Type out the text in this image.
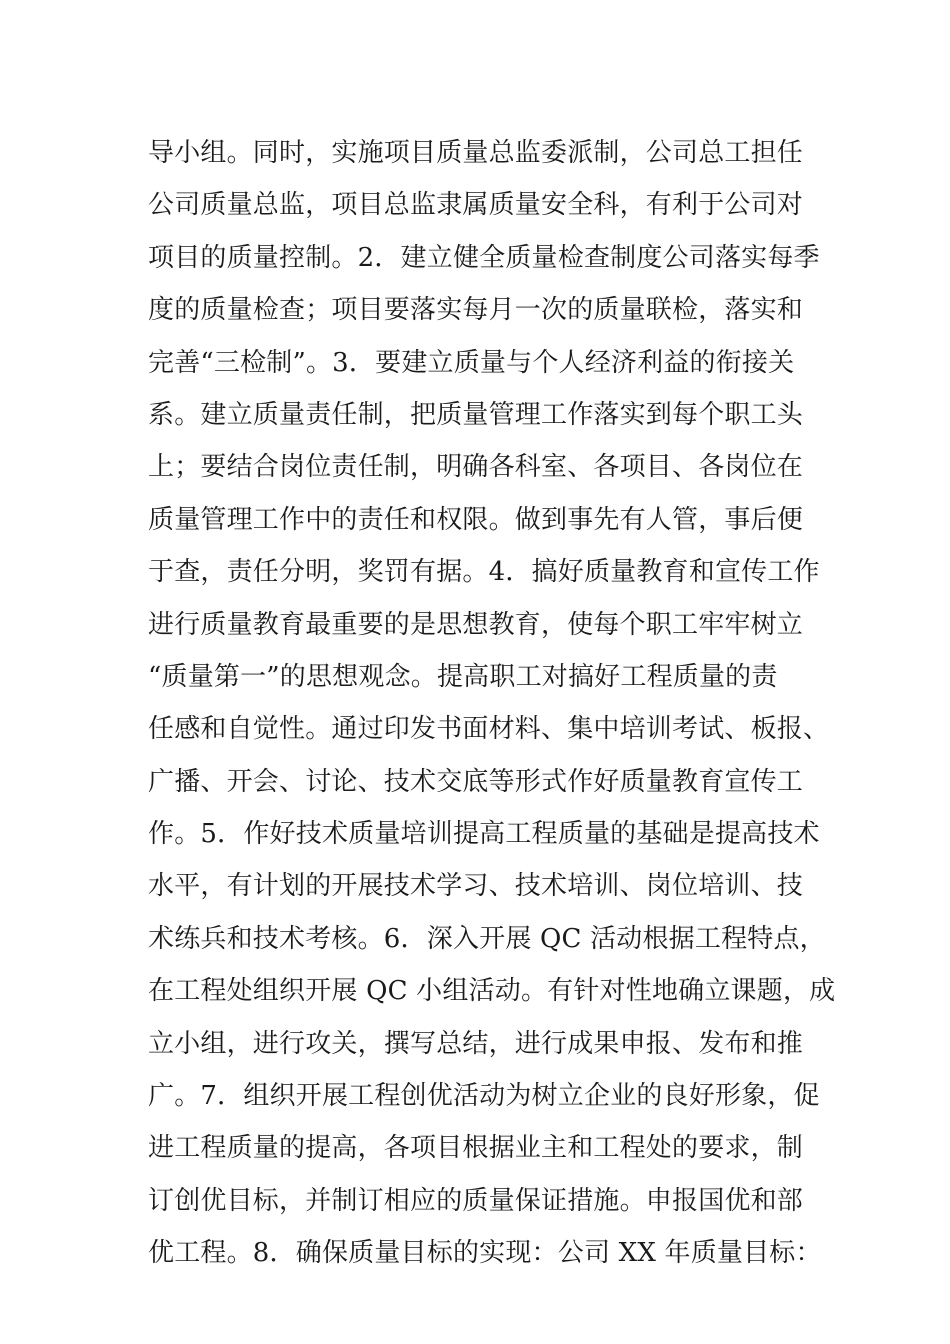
导小组。同时，实施项目质量总监委派制，公司总工担任
公司质量总监，项目总监隶属质量安全科，有利于公司对
项目的质量控制。2．建立健全质量检查制度公司落实每季
度的质量检查；项目要落实每月一次的质量联检，落实和
完善“三检制”。3．要建立质量与个人经济利益的衔接关
系。建立质量责任制，把质量管理工作落实到每个职工头
上；要结合岗位责任制，明确各科室、各项目、各岗位在
质量管理工作中的责任和权限。做到事先有人管，事后便
于查，责任分明，奖罚有据。4．搞好质量教育和宣传工作
进行质量教育最重要的是思想教育，使每个职工牢牢树立
“质量第一”的思想观念。提高职工对搞好工程质量的责
任感和自觉性。通过印发书面材料、集中培训考试、板报、
广播、开会、讨论、技术交底等形式作好质量教育宣传工
作。5．作好技术质量培训提高工程质量的基础是提高技术
水平，有计划的开展技术学习、技术培训、岗位培训、技
术练兵和技术考核。6．深入开展 QC 活动根据工程特点，
在工程处组织开展 QC 小组活动。有针对性地确立课题，成
立小组，进行攻关，撰写总结，进行成果申报、发布和推
广。7．组织开展工程创优活动为树立企业的良好形象，促
进工程质量的提高，各项目根据业主和工程处的要求，制
订创优目标，并制订相应的质量保证措施。申报国优和部
优工程。8．确保质量目标的实现：公司 XX 年质量目标：
